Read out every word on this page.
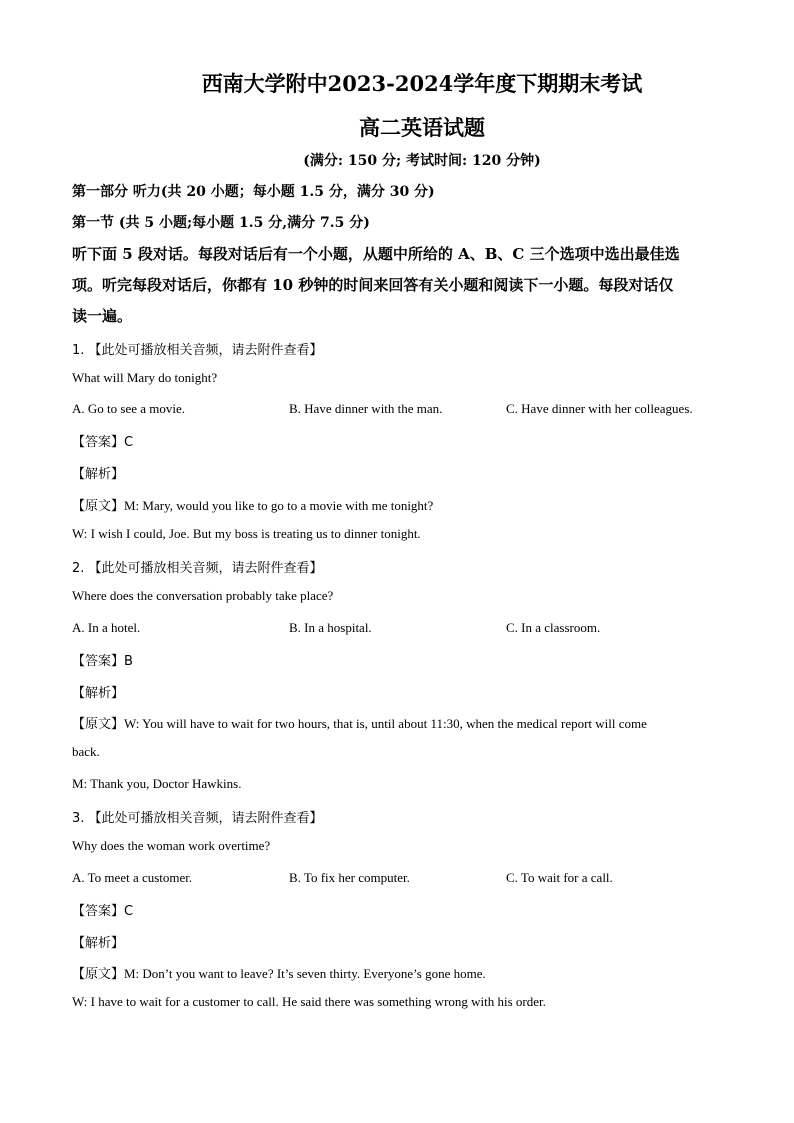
西南大学附中2023-2024学年度下期期末考试
高二英语试题
(满分: 150 分; 考试时间: 120 分钟)
第一部分 听力(共 20 小题；每小题 1.5 分，满分 30 分)
第一节 (共 5 小题;每小题 1.5 分,满分 7.5 分)
听下面 5 段对话。每段对话后有一个小题，从题中所给的 A、B、C 三个选项中选出最佳选
项。听完每段对话后，你都有 10 秒钟的时间来回答有关小题和阅读下一小题。每段对话仅
读一遍。
1. 【此处可播放相关音频，请去附件查看】
What will Mary do tonight?
A. Go to see a movie.	B. Have dinner with the man.	C. Have dinner with her colleagues.
【答案】C
【解析】
【原文】M: Mary, would you like to go to a movie with me tonight?
W: I wish I could, Joe. But my boss is treating us to dinner tonight.
2. 【此处可播放相关音频，请去附件查看】
Where does the conversation probably take place?
A. In a hotel.	B. In a hospital.	C. In a classroom.
【答案】B
【解析】
【原文】W: You will have to wait for two hours, that is, until about 11:30, when the medical report will come
back.
M: Thank you, Doctor Hawkins.
3. 【此处可播放相关音频，请去附件查看】
Why does the woman work overtime?
A. To meet a customer.	B. To fix her computer.	C. To wait for a call.
【答案】C
【解析】
【原文】M: Don’t you want to leave? It’s seven thirty. Everyone’s gone home.
W: I have to wait for a customer to call. He said there was something wrong with his order.
